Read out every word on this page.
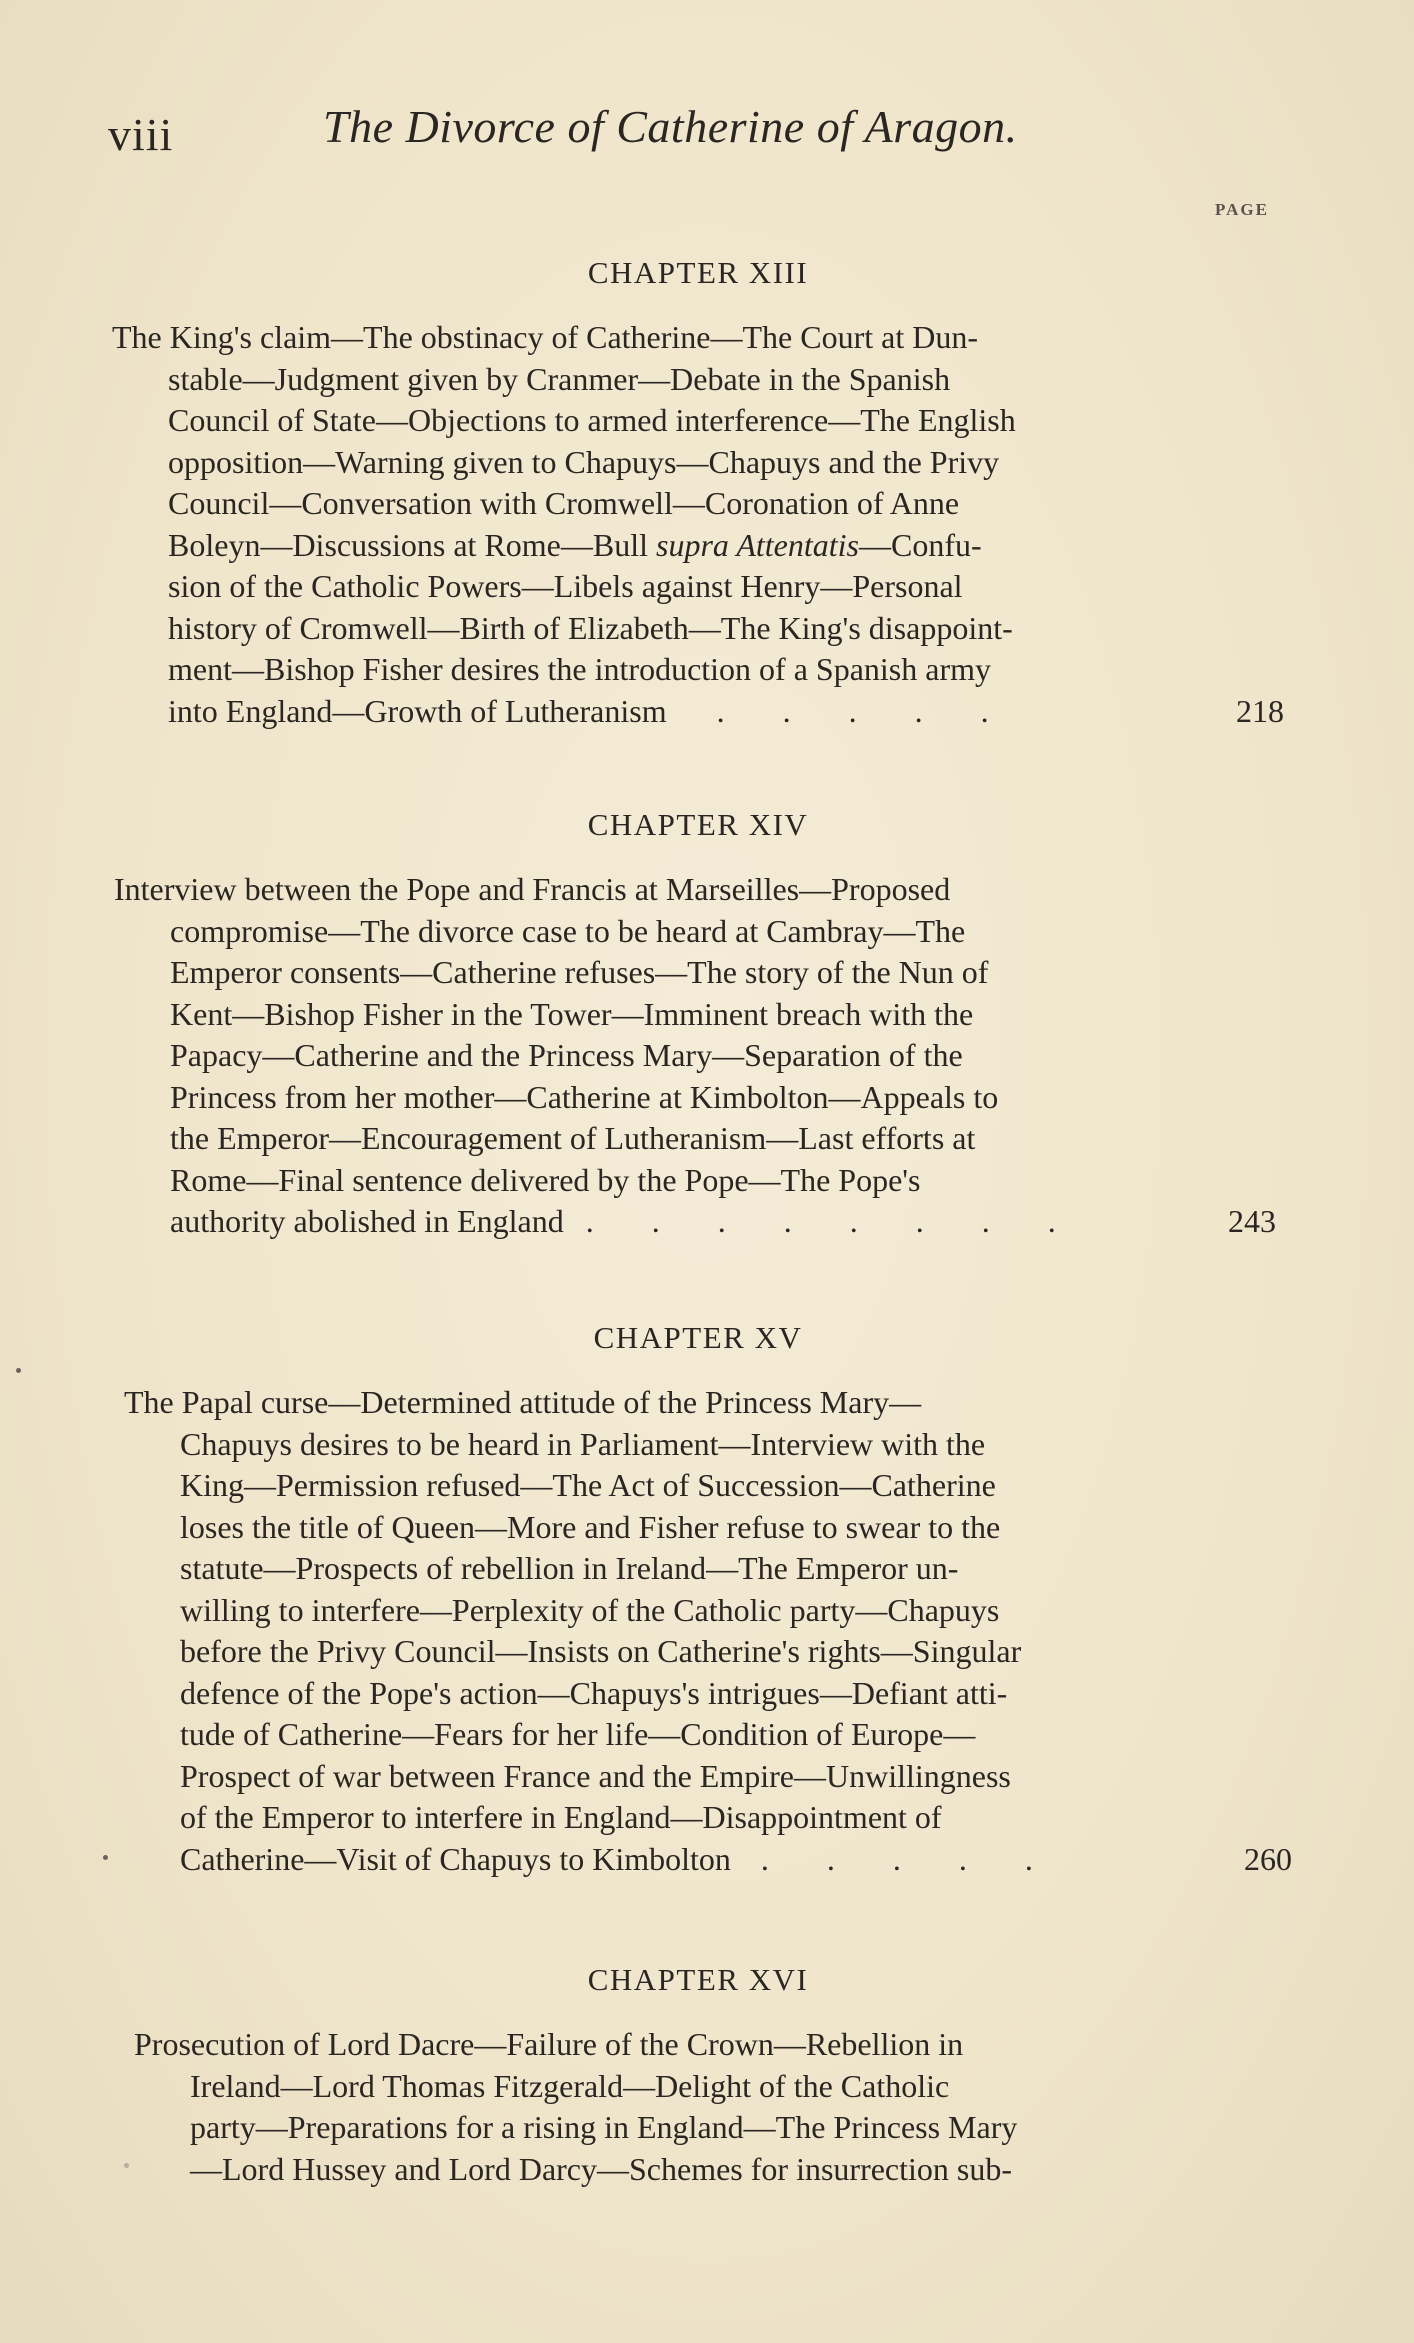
viii	The Divorce of Catherine of Aragon.
PAGE
CHAPTER XIII
The King's claim—The obstinacy of Catherine—The Court at Dun-
stable—Judgment given by Cranmer—Debate in the Spanish
Council of State—Objections to armed interference—The English
opposition—Warning given to Chapuys—Chapuys and the Privy
Council—Conversation with Cromwell—Coronation of Anne
Boleyn—Discussions at Rome—Bull supra Attentatis—Confu-
sion of the Catholic Powers—Libels against Henry—Personal
history of Cromwell—Birth of Elizabeth—The King's disappoint-
ment—Bishop Fisher desires the introduction of a Spanish army
into England—Growth of Lutheranism . . . . .	218
CHAPTER XIV
Interview between the Pope and Francis at Marseilles—Proposed
compromise—The divorce case to be heard at Cambray—The
Emperor consents—Catherine refuses—The story of the Nun of
Kent—Bishop Fisher in the Tower—Imminent breach with the
Papacy—Catherine and the Princess Mary—Separation of the
Princess from her mother—Catherine at Kimbolton—Appeals to
the Emperor—Encouragement of Lutheranism—Last efforts at
Rome—Final sentence delivered by the Pope—The Pope's
authority abolished in England . . . . . . . .	243
CHAPTER XV
The Papal curse—Determined attitude of the Princess Mary—
Chapuys desires to be heard in Parliament—Interview with the
King—Permission refused—The Act of Succession—Catherine
loses the title of Queen—More and Fisher refuse to swear to the
statute—Prospects of rebellion in Ireland—The Emperor un-
willing to interfere—Perplexity of the Catholic party—Chapuys
before the Privy Council—Insists on Catherine's rights—Singular
defence of the Pope's action—Chapuys's intrigues—Defiant atti-
tude of Catherine—Fears for her life—Condition of Europe—
Prospect of war between France and the Empire—Unwillingness
of the Emperor to interfere in England—Disappointment of
Catherine—Visit of Chapuys to Kimbolton . . . . .	260
CHAPTER XVI
Prosecution of Lord Dacre—Failure of the Crown—Rebellion in
Ireland—Lord Thomas Fitzgerald—Delight of the Catholic
party—Preparations for a rising in England—The Princess Mary
—Lord Hussey and Lord Darcy—Schemes for insurrection sub-
